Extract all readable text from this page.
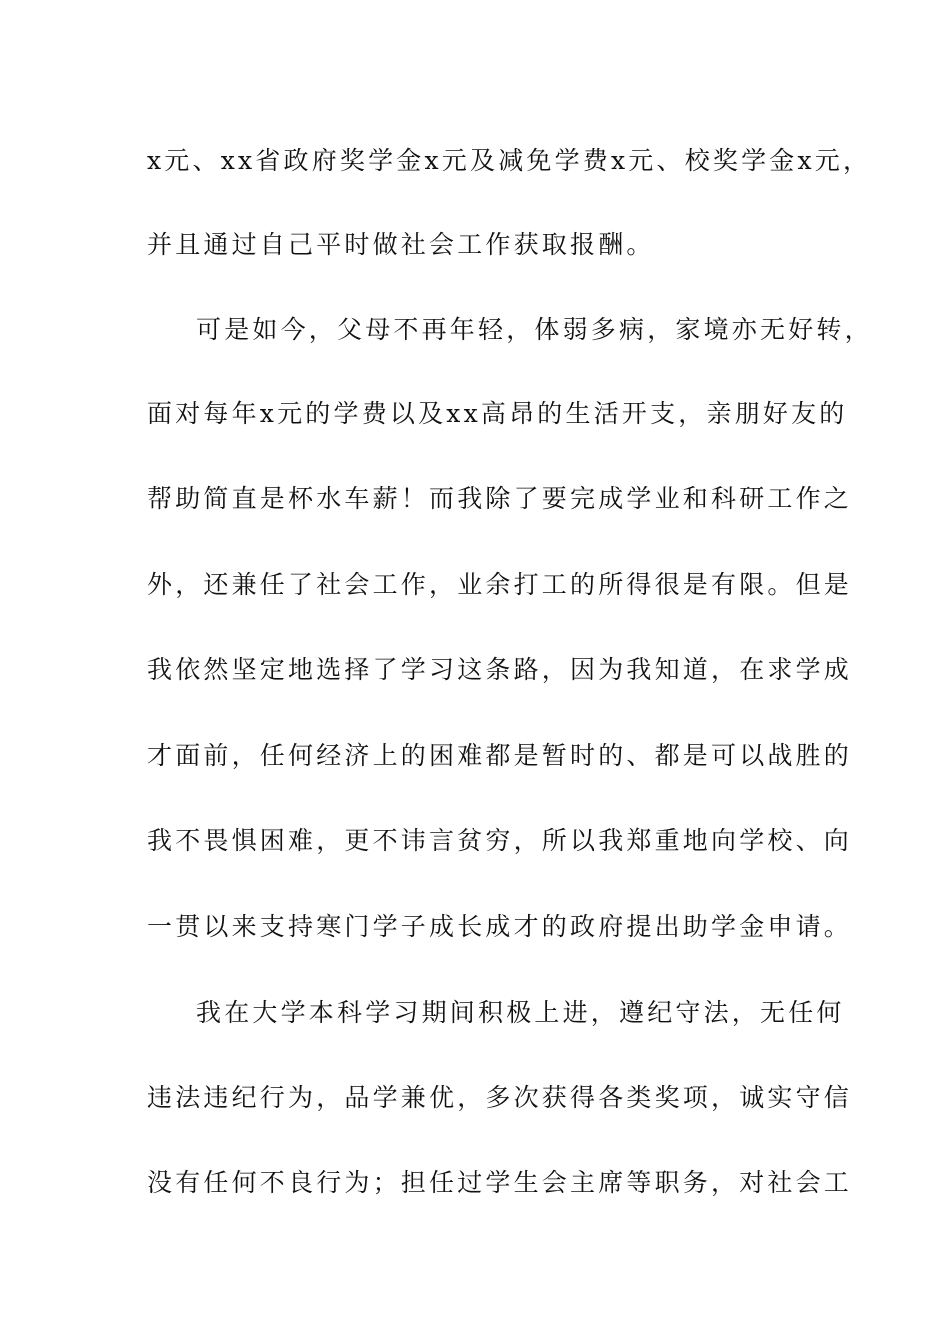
x元、xx省政府奖学金x元及减免学费x元、校奖学金x元，
并且通过自己平时做社会工作获取报酬。
可是如今，父母不再年轻，体弱多病，家境亦无好转，
面对每年x元的学费以及xx高昂的生活开支，亲朋好友的
帮助简直是杯水车薪！而我除了要完成学业和科研工作之
外，还兼任了社会工作，业余打工的所得很是有限。但是
我依然坚定地选择了学习这条路，因为我知道，在求学成
才面前，任何经济上的困难都是暂时的、都是可以战胜的
我不畏惧困难，更不讳言贫穷，所以我郑重地向学校、向
一贯以来支持寒门学子成长成才的政府提出助学金申请。
我在大学本科学习期间积极上进，遵纪守法，无任何
违法违纪行为，品学兼优，多次获得各类奖项，诚实守信
没有任何不良行为；担任过学生会主席等职务，对社会工
